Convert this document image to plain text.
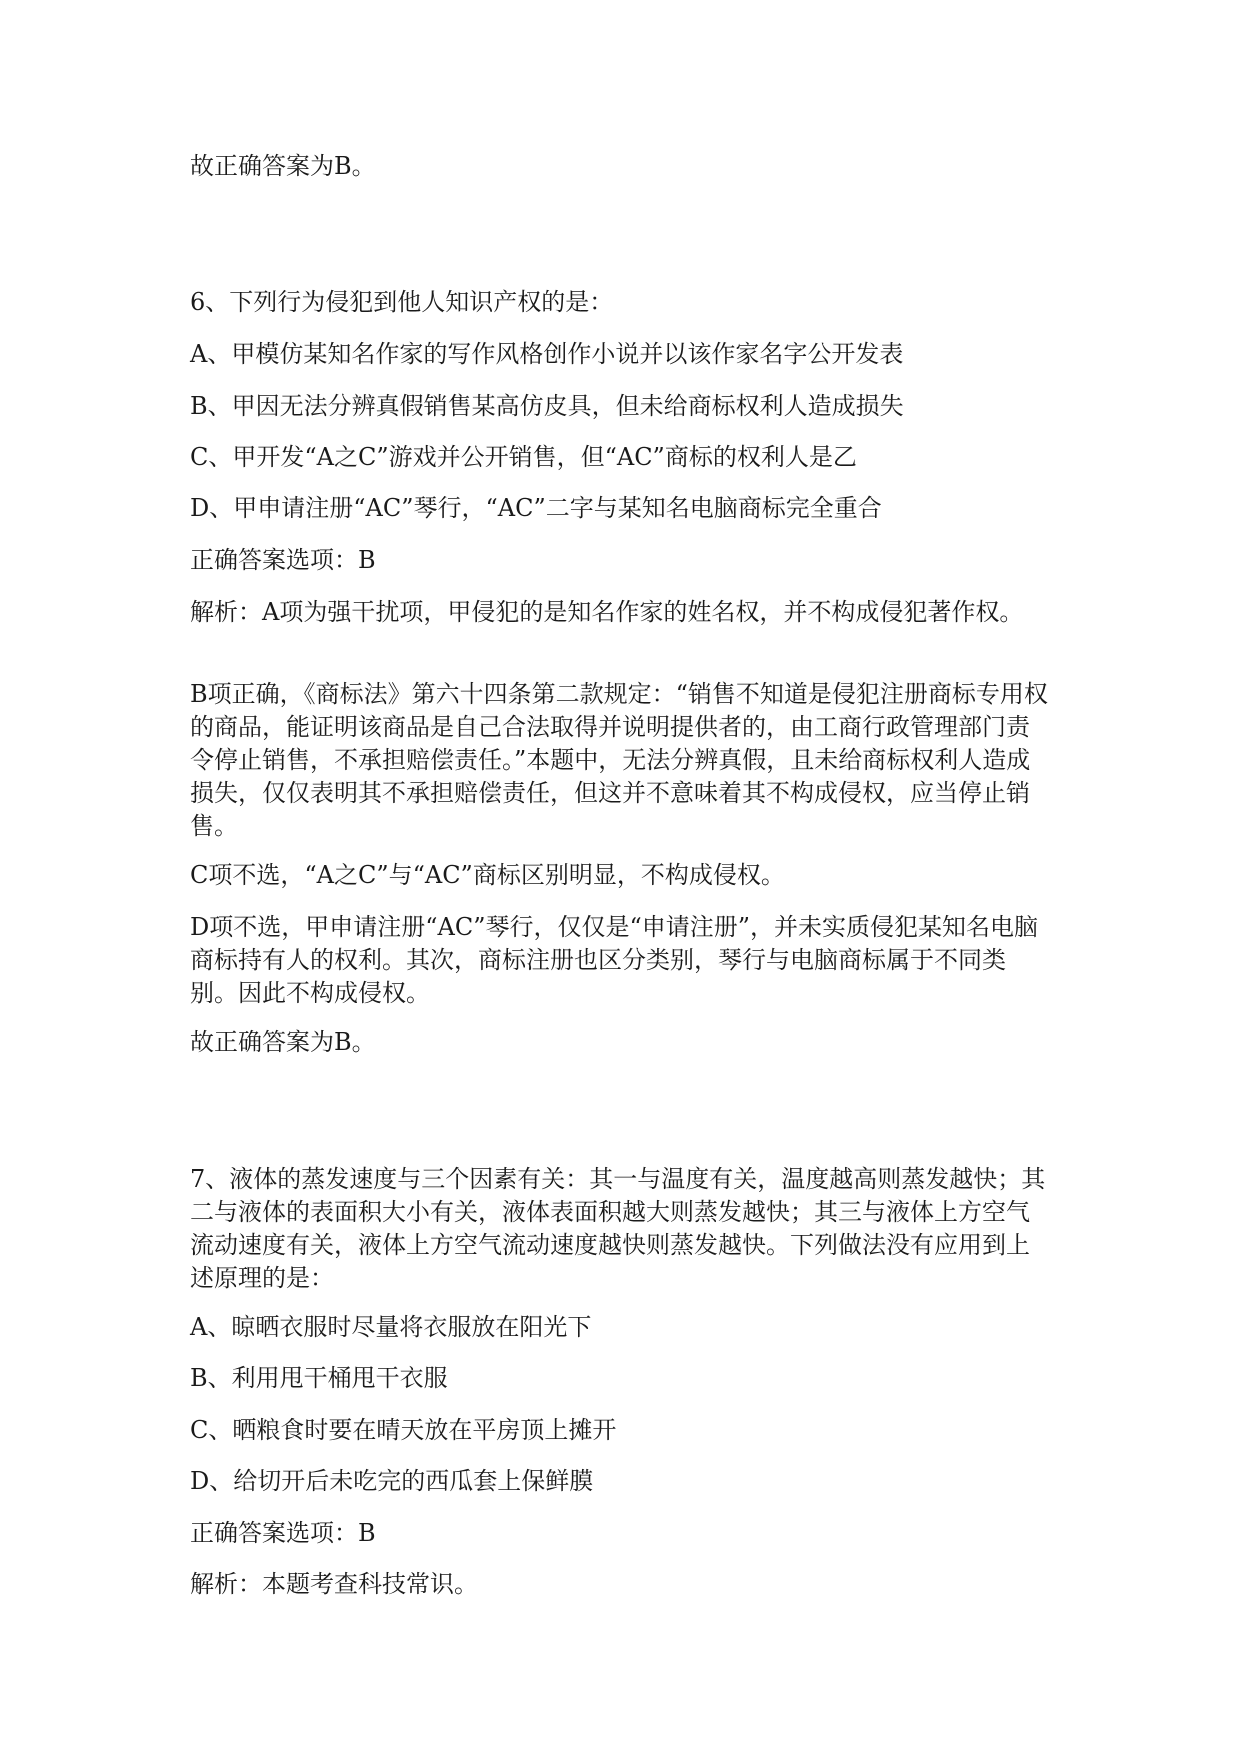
故正确答案为B。

6、下列行为侵犯到他人知识产权的是：

A、甲模仿某知名作家的写作风格创作小说并以该作家名字公开发表

B、甲因无法分辨真假销售某高仿皮具，但未给商标权利人造成损失

C、甲开发“A之C”游戏并公开销售，但“AC”商标的权利人是乙

D、甲申请注册“AC”琴行，“AC”二字与某知名电脑商标完全重合

正确答案选项：B

解析：A项为强干扰项，甲侵犯的是知名作家的姓名权，并不构成侵犯著作权​。

B项正确，《商标法》第六十四条第二款规定：“销售不知道是侵犯注册商标专用权的商品，能证明该商品是自己合法取得并说明提供者的，由工商行政管理部门责令停止销售，不承担赔偿责任。”本题中，无法分辨真假，且未给商标权利人造成损失，仅仅表明其不承担赔偿责任，但这并不意味着其不构成侵权，应当停止销售。

C项不选，“A之C”与“AC”商标区别明显，不构成侵权。

D项不选，甲申请注册“AC”琴行，仅仅是“申请注册”，并未实质侵犯某知名电脑商标持有人的权利。其次，商标注册也区分类别，琴行与电脑商标属于不同类别。因此不构成侵权。

故正确答案为B。

7、液体的蒸发速度与三个因素有关：其一与温度有关，温度越高则蒸发越快；其二与液体的表面积大小有关，液体表面积越大则蒸发越快；其三与液体上方空气流动速度有关，液体上方空气流动速度越快则蒸发越快。下列做法没有应用到上述原理的是：

A、晾晒衣服时尽量将衣服放在阳光下

B、利用甩干桶甩干衣服

C、晒粮食时要在晴天放在平房顶上摊开

D、给切开后未吃完的西瓜套上保鲜膜

正确答案选项：B

解析：本题考查科技常识。
